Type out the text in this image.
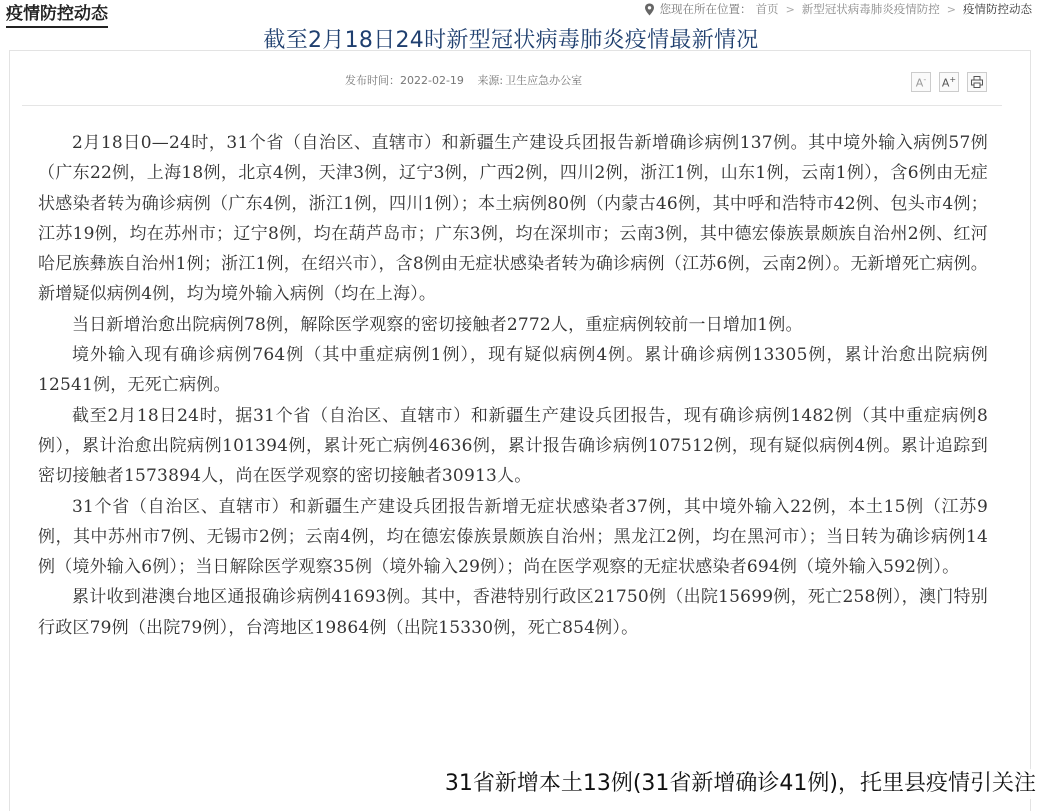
疫情防控动态	您现在所在位置： 首页 > 新型冠状病毒肺炎疫情防控 > 疫情防控动态
截至2月18日24时新型冠状病毒肺炎疫情最新情况
发布时间：2022-02-19 来源: 卫生应急办公室	A- A+

2月18日0—24时，31个省（自治区、直辖市）和新疆生产建设兵团报告新增确诊病例137例。其中境外输入病例57例（广东22例，上海18例，北京4例，天津3例，辽宁3例，广西2例，四川2例，浙江1例，山东1例，云南1例），含6例由无症状感染者转为确诊病例（广东4例，浙江1例，四川1例）；本土病例80例（内蒙古46例，其中呼和浩特市42例、包头市4例；江苏19例，均在苏州市；辽宁8例，均在葫芦岛市；广东3例，均在深圳市；云南3例，其中德宏傣族景颇族自治州2例、红河哈尼族彝族自治州1例；浙江1例，在绍兴市），含8例由无症状感染者转为确诊病例（江苏6例，云南2例）。无新增死亡病例。新增疑似病例4例，均为境外输入病例（均在上海）。

当日新增治愈出院病例78例，解除医学观察的密切接触者2772人，重症病例较前一日增加1例。

境外输入现有确诊病例764例（其中重症病例1例），现有疑似病例4例。累计确诊病例13305例，累计治愈出院病例12541例，无死亡病例。

截至2月18日24时，据31个省（自治区、直辖市）和新疆生产建设兵团报告，现有确诊病例1482例（其中重症病例8例），累计治愈出院病例101394例，累计死亡病例4636例，累计报告确诊病例107512例，现有疑似病例4例。累计追踪到密切接触者1573894人，尚在医学观察的密切接触者30913人。

31个省（自治区、直辖市）和新疆生产建设兵团报告新增无症状感染者37例，其中境外输入22例，本土15例（江苏9例，其中苏州市7例、无锡市2例；云南4例，均在德宏傣族景颇族自治州；黑龙江2例，均在黑河市）；当日转为确诊病例14例（境外输入6例）；当日解除医学观察35例（境外输入29例）；尚在医学观察的无症状感染者694例（境外输入592例）。

累计收到港澳台地区通报确诊病例41693例。其中，香港特别行政区21750例（出院15699例，死亡258例），澳门特别行政区79例（出院79例），台湾地区19864例（出院15330例，死亡854例）。

31省新增本土13例(31省新增确诊41例)，托里县疫情引关注
